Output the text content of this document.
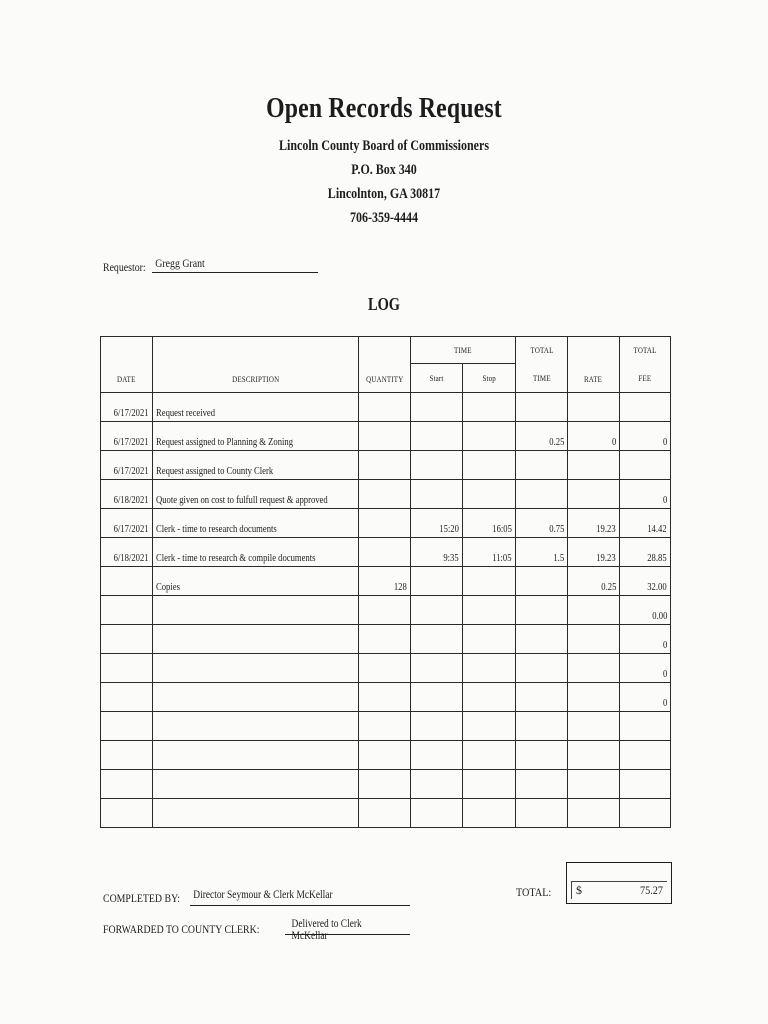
Open Records Request
Lincoln County Board of Commissioners
P.O. Box 340
Lincolnton, GA 30817
706-359-4444
Requestor: Gregg Grant
LOG
DATE	DESCRIPTION	QUANTITY	TIME		TOTAL	RATE	TOTAL
			Start	Stop	TIME		FEE
6/17/2021	Request received						
6/17/2021	Request assigned to Planning & Zoning				0.25	0	0
6/17/2021	Request assigned to County Clerk						
6/18/2021	Quote given on cost to fulfull request & approved						0
6/17/2021	Clerk - time to research documents		15:20	16:05	0.75	19.23	14.42
6/18/2021	Clerk - time to research & compile documents		9:35	11:05	1.5	19.23	28.85
	Copies	128				0.25	32.00
							0.00
							0
							0
							0

COMPLETED BY: Director Seymour & Clerk McKellar
FORWARDED TO COUNTY CLERK:	Delivered to Clerk McKellar
TOTAL: $	75.27
